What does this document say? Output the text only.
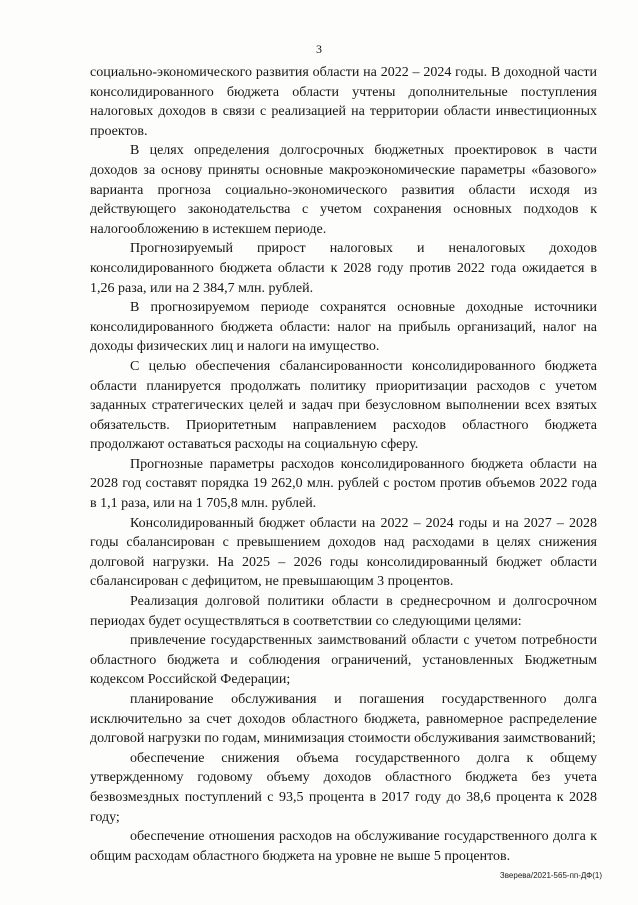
3

социально-экономического развития области на 2022 – 2024 годы. В доходной части консолидированного бюджета области учтены дополнительные поступления налоговых доходов в связи с реализацией на территории области инвестиционных проектов.

В целях определения долгосрочных бюджетных проектировок в части доходов за основу приняты основные макроэкономические параметры «базового» варианта прогноза социально-экономического развития области исходя из действующего законодательства с учетом сохранения основных подходов к налогообложению в истекшем периоде.

Прогнозируемый прирост налоговых и неналоговых доходов консолидированного бюджета области к 2028 году против 2022 года ожидается в 1,26 раза, или на 2 384,7 млн. рублей.

В прогнозируемом периоде сохранятся основные доходные источники консолидированного бюджета области: налог на прибыль организаций, налог на доходы физических лиц и налоги на имущество.

С целью обеспечения сбалансированности консолидированного бюджета области планируется продолжать политику приоритизации расходов с учетом заданных стратегических целей и задач при безусловном выполнении всех взятых обязательств. Приоритетным направлением расходов областного бюджета продолжают оставаться расходы на социальную сферу.

Прогнозные параметры расходов консолидированного бюджета области на 2028 год составят порядка 19 262,0 млн. рублей с ростом против объемов 2022 года в 1,1 раза, или на 1 705,8 млн. рублей.

Консолидированный бюджет области на 2022 – 2024 годы и на 2027 – 2028 годы сбалансирован с превышением доходов над расходами в целях снижения долговой нагрузки. На 2025 – 2026 годы консолидированный бюджет области сбалансирован с дефицитом, не превышающим 3 процентов.

Реализация долговой политики области в среднесрочном и долгосрочном периодах будет осуществляться в соответствии со следующими целями:

привлечение государственных заимствований области с учетом потребности областного бюджета и соблюдения ограничений, установленных Бюджетным кодексом Российской Федерации;

планирование обслуживания и погашения государственного долга исключительно за счет доходов областного бюджета, равномерное распределение долговой нагрузки по годам, минимизация стоимости обслуживания заимствований;

обеспечение снижения объема государственного долга к общему утвержденному годовому объему доходов областного бюджета без учета безвозмездных поступлений с 93,5 процента в 2017 году до 38,6 процента к 2028 году;

обеспечение отношения расходов на обслуживание государственного долга к общим расходам областного бюджета на уровне не выше 5 процентов.

Зверева/2021-565-пп-ДФ(1)
